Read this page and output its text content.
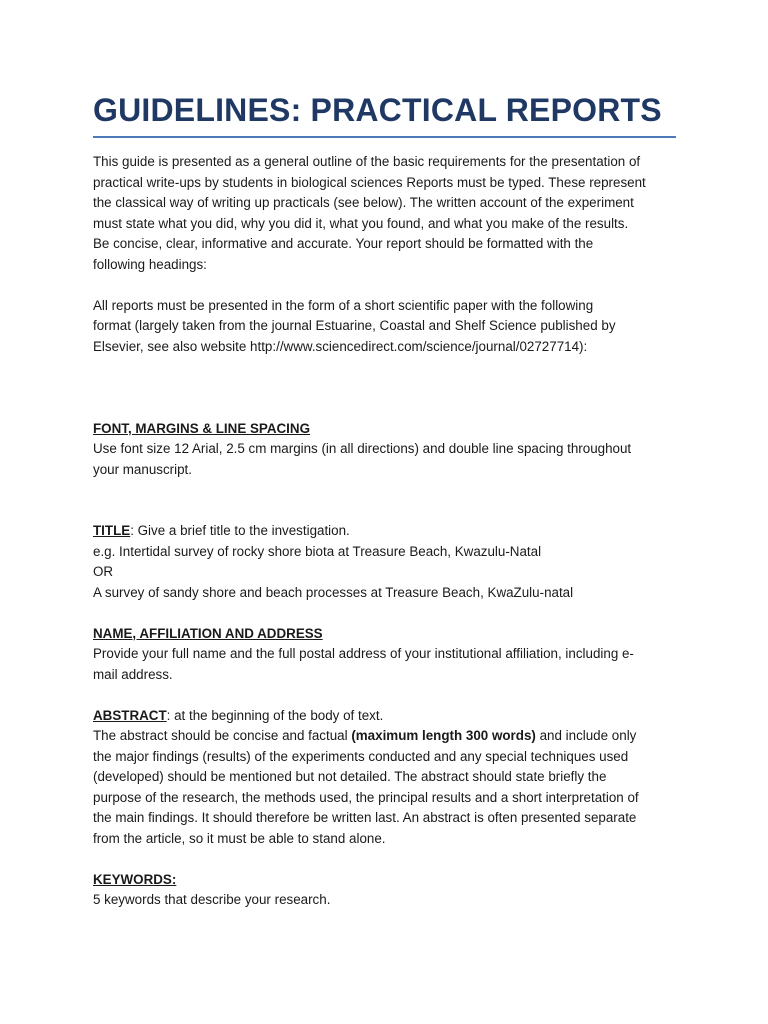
GUIDELINES: PRACTICAL REPORTS

This guide is presented as a general outline of the basic requirements for the presentation of
practical write-ups by students in biological sciences Reports must be typed. These represent
the classical way of writing up practicals (see below). The written account of the experiment
must state what you did, why you did it, what you found, and what you make of the results.
Be concise, clear, informative and accurate. Your report should be formatted with the
following headings:

All reports must be presented in the form of a short scientific paper with the following
format (largely taken from the journal Estuarine, Coastal and Shelf Science published by
Elsevier, see also website http://www.sciencedirect.com/science/journal/02727714):

FONT, MARGINS & LINE SPACING
Use font size 12 Arial, 2.5 cm margins (in all directions) and double line spacing throughout
your manuscript.

TITLE: Give a brief title to the investigation.
e.g. Intertidal survey of rocky shore biota at Treasure Beach, Kwazulu-Natal
OR
A survey of sandy shore and beach processes at Treasure Beach, KwaZulu-natal

NAME, AFFILIATION AND ADDRESS
Provide your full name and the full postal address of your institutional affiliation, including e-
mail address.

ABSTRACT: at the beginning of the body of text.
The abstract should be concise and factual (maximum length 300 words) and include only
the major findings (results) of the experiments conducted and any special techniques used
(developed) should be mentioned but not detailed. The abstract should state briefly the
purpose of the research, the methods used, the principal results and a short interpretation of
the main findings. It should therefore be written last. An abstract is often presented separate
from the article, so it must be able to stand alone.

KEYWORDS:
5 keywords that describe your research.
